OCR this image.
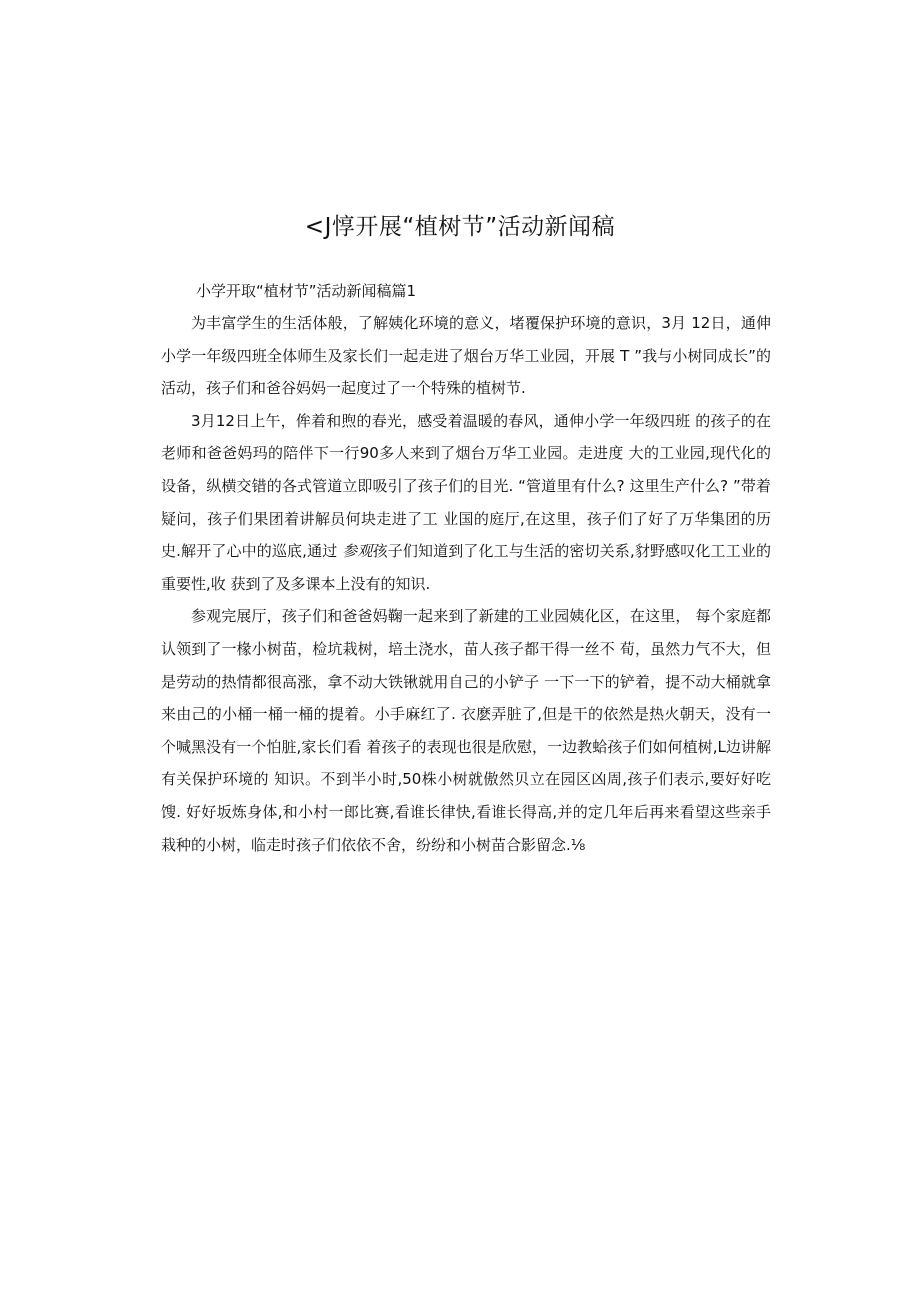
<J惇开展“植树节”活动新闻稿

小学开取“植材节”活动新闻稿篇1

为丰富学生的生活体般，了解姨化环境的意义，堵覆保护环境的意识，3月 12日，通伸小学一年级四班全体师生及家长们一起走进了烟台万华工业园，开展 T ”我与小树同成长”的活动，孩子们和爸谷妈妈一起度过了一个特殊的植树节.

3月12日上午，侔着和煦的春光，感受着温暖的春风，通伸小学一年级四班 的孩子的在老师和爸爸妈玛的陪伴下一行90多人来到了烟台万华工业园。走进度 大的工业园,现代化的设备，纵横交错的各式管道立即吸引了孩子们的目光. “管道里有什么? 这里生产什么? ”带着疑问，孩子们果团着讲解员何块走进了工 业国的庭厅,在这里，孩子们了好了万华集团的历史.解开了心中的巡底,通过 参观孩子们知道到了化工与生活的密切关系,豺野感叹化工工业的重要性,收 获到了及多课本上没有的知识.

参观完展厅，孩子们和爸爸妈鞠一起来到了新建的工业园姨化区，在这里， 每个家庭都认领到了一椽小树苗，检坑栽树，培土浇水，苗人孩子都干得一丝不 荀，虽然力气不大，但是劳动的热情都很高涨，拿不动大铁锹就用自己的小铲子 一下一下的铲着，提不动大桶就拿来由己的小桶一桶一桶的提着。小手麻红了. 衣麽弄脏了,但是干的依然是热火朝天，没有一个喊黑没有一个怕脏,家长们看 着孩子的表现也很是欣慰，一边教蛤孩子们如何植树,L边讲解有关保护环境的 知识。不到半小时,50株小树就傲然贝立在园区凶周,孩子们表示,要好好吃馊. 好好坂炼身体,和小村一郎比赛,看谁长律快,看谁长得高,并的定几年后再来看望这些亲手栽种的小树，临走时孩子们依依不舍，纷纷和小树苗合影留念.⅛
